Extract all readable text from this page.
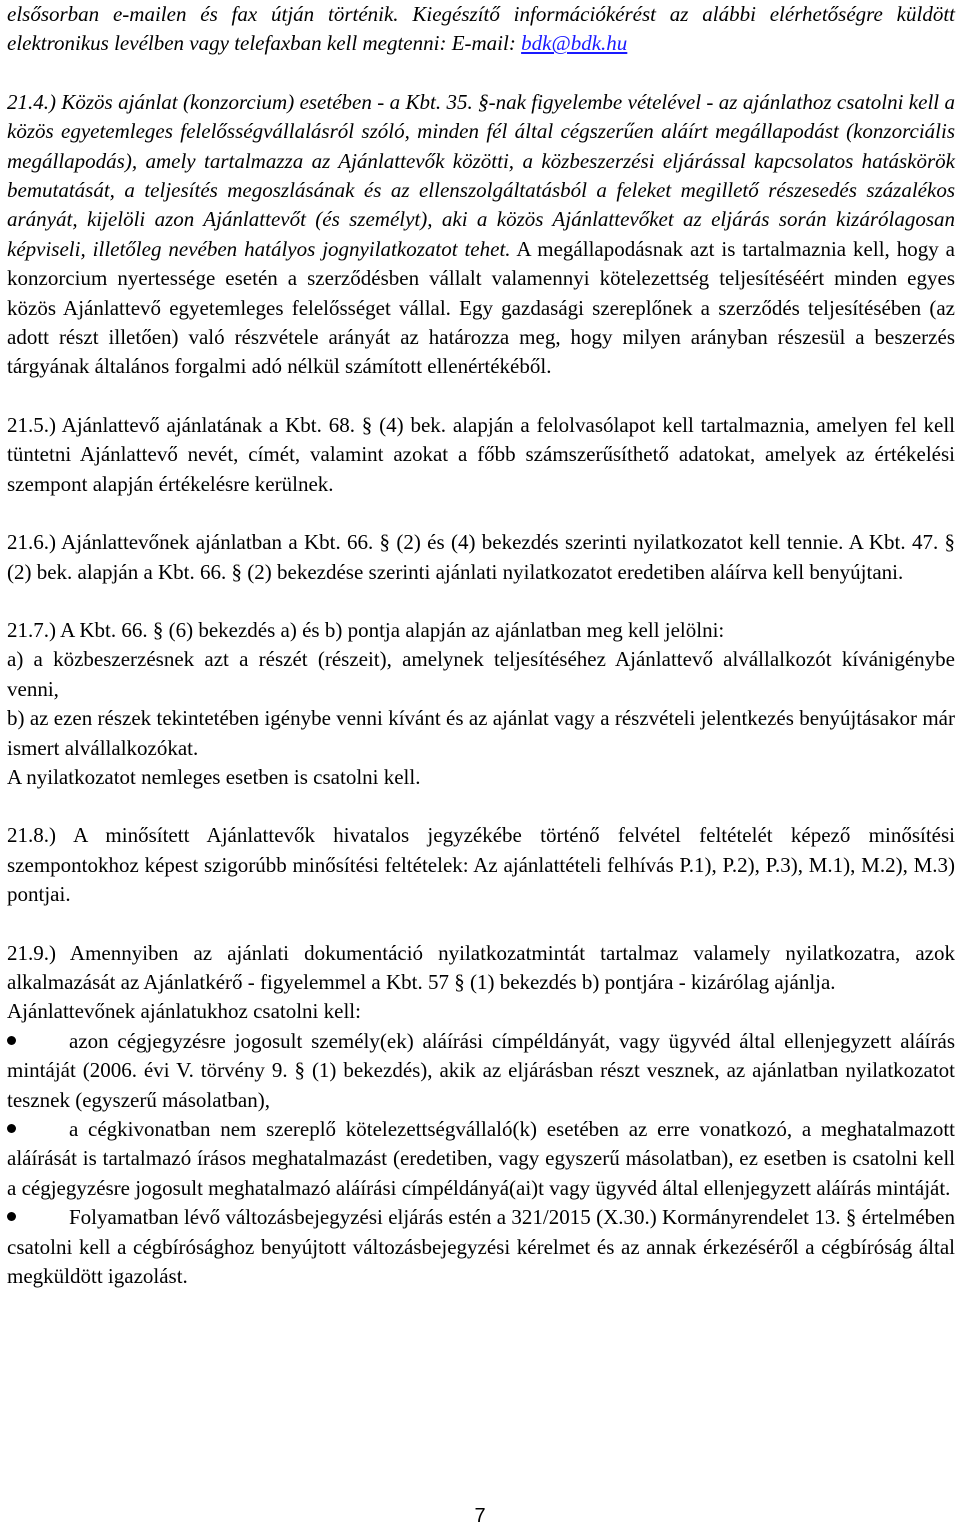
elsősorban e-mailen és fax útján történik. Kiegészítő információkérést az alábbi elérhetőségre küldött elektronikus levélben vagy telefaxban kell megtenni: E-mail: bdk@bdk.hu

21.4.) Közös ajánlat (konzorcium) esetében - a Kbt. 35. §-nak figyelembe vételével - az ajánlathoz csatolni kell a közös egyetemleges felelősségvállalásról szóló, minden fél által cégszerűen aláírt megállapodást (konzorciális megállapodás), amely tartalmazza az Ajánlattevők közötti, a közbeszerzési eljárással kapcsolatos hatáskörök bemutatását, a teljesítés megoszlásának és az ellenszolgáltatásból a feleket megillető részesedés százalékos arányát, kijelöli azon Ajánlattevőt (és személyt), aki a közös Ajánlattevőket az eljárás során kizárólagosan képviseli, illetőleg nevében hatályos jognyilatkozatot tehet. A megállapodásnak azt is tartalmaznia kell, hogy a konzorcium nyertessége esetén a szerződésben vállalt valamennyi kötelezettség teljesítéséért minden egyes közös Ajánlattevő egyetemleges felelősséget vállal. Egy gazdasági szereplőnek a szerződés teljesítésében (az adott részt illetően) való részvétele arányát az határozza meg, hogy milyen arányban részesül a beszerzés tárgyának általános forgalmi adó nélkül számított ellenértékéből.

21.5.) Ajánlattevő ajánlatának a Kbt. 68. § (4) bek. alapján a felolvasólapot kell tartalmaznia, amelyen fel kell tüntetni Ajánlattevő nevét, címét, valamint azokat a főbb számszerűsíthető adatokat, amelyek az értékelési szempont alapján értékelésre kerülnek.

21.6.) Ajánlattevőnek ajánlatban a Kbt. 66. § (2) és (4) bekezdés szerinti nyilatkozatot kell tennie. A Kbt. 47. § (2) bek. alapján a Kbt. 66. § (2) bekezdése szerinti ajánlati nyilatkozatot eredetiben aláírva kell benyújtani.

21.7.) A Kbt. 66. § (6) bekezdés a) és b) pontja alapján az ajánlatban meg kell jelölni:

a) a közbeszerzésnek azt a részét (részeit), amelynek teljesítéséhez Ajánlattevő alvállalkozót kívánigénybe venni,

b) az ezen részek tekintetében igénybe venni kívánt és az ajánlat vagy a részvételi jelentkezés benyújtásakor már ismert alvállalkozókat.

A nyilatkozatot nemleges esetben is csatolni kell.

21.8.) A minősített Ajánlattevők hivatalos jegyzékébe történő felvétel feltételét képező minősítési szempontokhoz képest szigorúbb minősítési feltételek: Az ajánlattételi felhívás P.1), P.2), P.3), M.1), M.2), M.3) pontjai.

21.9.) Amennyiben az ajánlati dokumentáció nyilatkozatmintát tartalmaz valamely nyilatkozatra, azok alkalmazását az Ajánlatkérő - figyelemmel a Kbt. 57 § (1) bekezdés b) pontjára - kizárólag ajánlja.

Ajánlattevőnek ajánlatukhoz csatolni kell:

azon cégjegyzésre jogosult személy(ek) aláírási címpéldányát, vagy ügyvéd által ellenjegyzett aláírás mintáját (2006. évi V. törvény 9. § (1) bekezdés), akik az eljárásban részt vesznek, az ajánlatban nyilatkozatot tesznek (egyszerű másolatban),

a cégkivonatban nem szereplő kötelezettségvállaló(k) esetében az erre vonatkozó, a meghatalmazott aláírását is tartalmazó írásos meghatalmazást (eredetiben, vagy egyszerű másolatban), ez esetben is csatolni kell a cégjegyzésre jogosult meghatalmazó aláírási címpéldányá(ai)t vagy ügyvéd által ellenjegyzett aláírás mintáját.

Folyamatban lévő változásbejegyzési eljárás estén a 321/2015 (X.30.) Kormányrendelet 13. § értelmében csatolni kell a cégbírósághoz benyújtott változásbejegyzési kérelmet és az annak érkezéséről a cégbíróság által megküldött igazolást.

7
